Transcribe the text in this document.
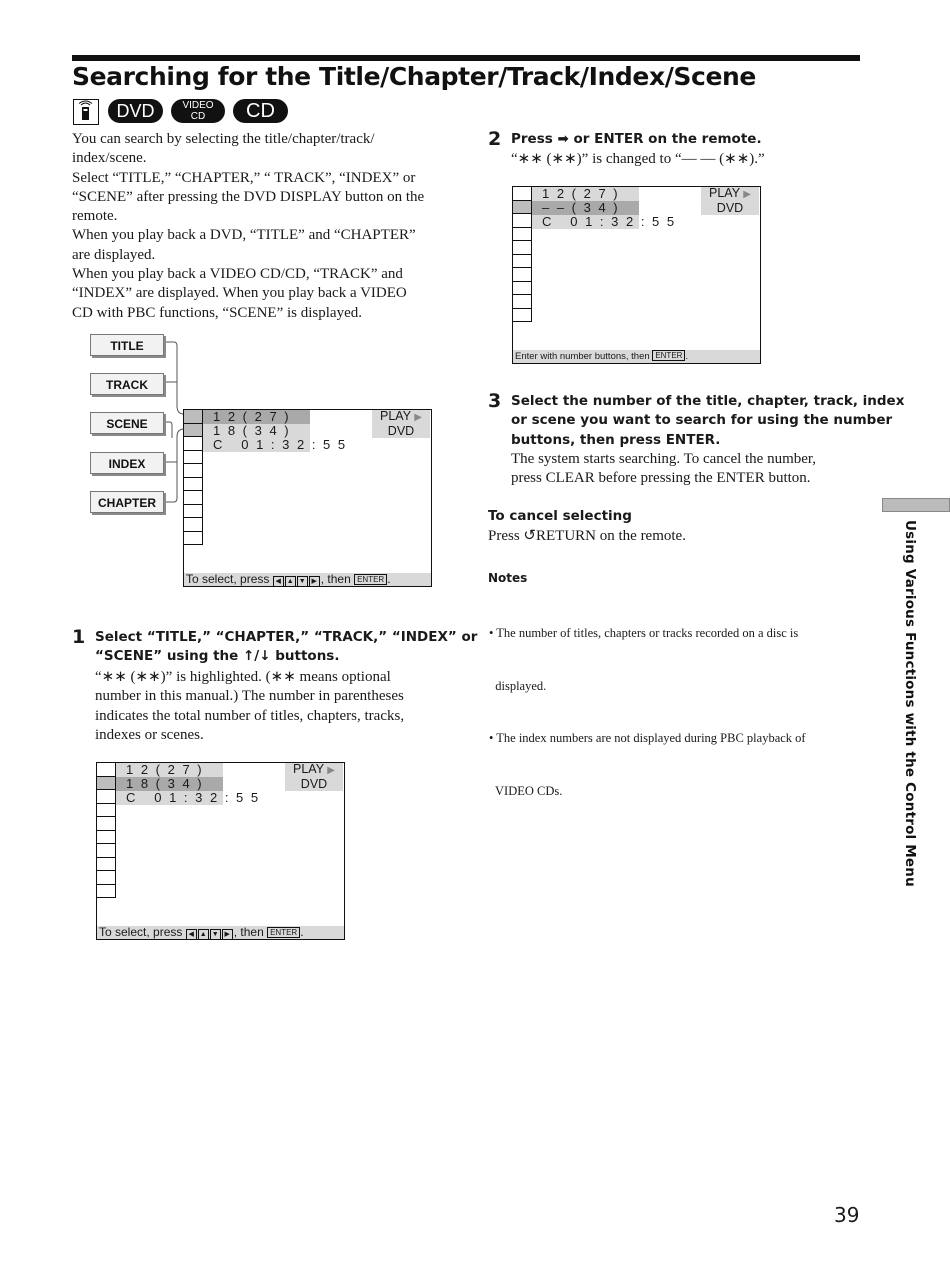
Searching for the Title/Chapter/Track/Index/Scene
DVD	VIDEO
CD	CD
You can search by selecting the title/chapter/track/
index/scene.
Select “TITLE,” “CHAPTER,” “ TRACK”, “INDEX” or
“SCENE” after pressing the DVD DISPLAY button on the
remote.
When you play back a DVD, “TITLE” and “CHAPTER”
are displayed.
When you play back a VIDEO CD/CD, “TRACK” and
“INDEX” are displayed. When you play back a VIDEO
CD with PBC functions, “SCENE” is displayed.
TITLE
TRACK
SCENE
INDEX
CHAPTER
1 2 ( 2 7 )
1 8 ( 3 4 )
C   0 1 : 3 2 : 5 5
PLAY ▶
DVD
To select, press ◀ ▲ ▼ ▶ , then ENTER .
1 Select “TITLE,” “CHAPTER,” “TRACK,” “INDEX” or
“SCENE” using the ↑/↓ buttons.
“∗∗ (∗∗)” is highlighted. (∗∗ means optional
number in this manual.) The number in parentheses
indicates the total number of titles, chapters, tracks,
indexes or scenes.
1 2 ( 2 7 )
1 8 ( 3 4 )
C   0 1 : 3 2 : 5 5
PLAY ▶
DVD
To select, press ◀ ▲ ▼ ▶ , then ENTER .
2 Press ➡ or ENTER on the remote.
“∗∗ (∗∗)” is changed to “— — (∗∗).”
1 2 ( 2 7 )
– – ( 3 4 )
C   0 1 : 3 2 : 5 5
PLAY ▶
DVD
Enter with number buttons, then ENTER .
3 Select the number of the title, chapter, track, index
or scene you want to search for using the number
buttons, then press ENTER.
The system starts searching. To cancel the number,
press CLEAR before pressing the ENTER button.
To cancel selecting
Press ↺RETURN on the remote.
Notes

• The number of titles, chapters or tracks recorded on a disc is

displayed.

• The index numbers are not displayed during PBC playback of

VIDEO CDs.	Using Various Functions with the Control Menu
39
